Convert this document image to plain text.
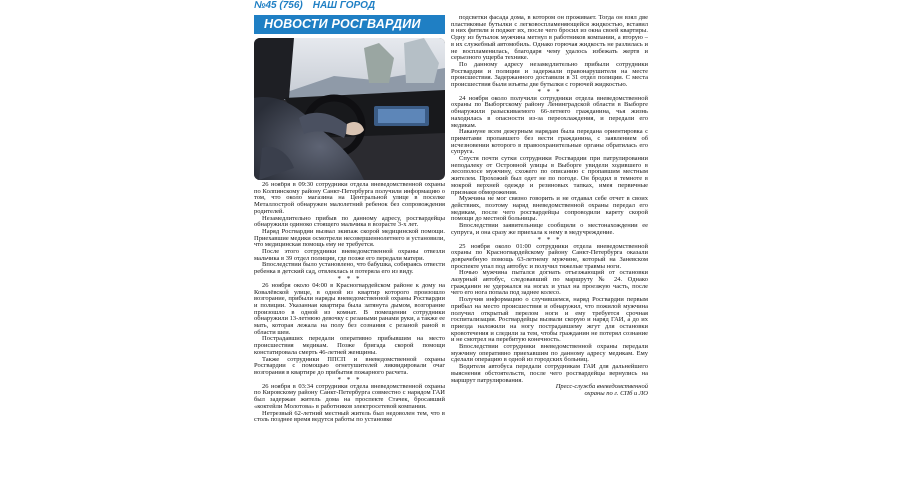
№45 (756) НАШ ГОРОД
НОВОСТИ РОСГВАРДИИ

26 ноября в 09:30 сотрудники отдела вневедомственной охраны по Колпинскому району Санкт-Петербурга получили информацию о том, что около магазина на Центральной улице в поселке Металлострой обнаружен малолетний ребенок без сопровождения родителей.

Незамедлительно прибыв по данному адресу, росгвардейцы обнаружили одиноко стоящего мальчика в возрасте 3-х лет.

Наряд Росгвардии вызвал экипаж скорой медицинской помощи. Приехавшие медики осмотрели несовершеннолетнего и установили, что медицинская помощь ему не требуется.

После этого сотрудники вневедомственной охраны отвезли мальчика в 39 отдел полиции, где позже его передали матери.

Впоследствии было установлено, что бабушка, собираясь отвести ребенка в детский сад, отвлеклась и потеряла его из виду.

* * *

26 ноября около 04:00 в Красногвардейском районе к дому на Ковалёвской улице, в одной из квартир которого произошло возгорание, прибыли наряды вневедомственной охраны Росгвардии и полиции. Указанная квартира была затянута дымом, возгорание произошло в одной из комнат. В помещении сотрудники обнаружили 13-летнюю девочку с резаными ранами руки, а также ее мать, которая лежала на полу без сознания с резаной раной в области шеи.

Пострадавших передали оперативно прибывшим на место происшествия медикам. Позже бригада скорой помощи констатировала смерть 46-летней женщины.

Также сотрудники ППСП и вневедомственной охраны Росгвардии с помощью огнетушителей ликвидировали очаг возгорания в квартире до прибытия пожарного расчета.

* * *

26 ноября в 03:34 сотрудники отдела вневедомственной охраны по Кировскому району Санкт-Петербурга совместно с нарядом ГАИ был задержан житель дома на проспекте Стачек, бросавший «коктейли Молотова» в работников электросетевой компании.

Нетрезвый 62-летний местный житель был недоволен тем, что в столь позднее время ведутся работы по установке

подсветки фасада дома, в котором он проживает. Тогда он взял две пластиковые бутылки с легковоспламеняющейся жидкостью, вставил в них фитили и поджег их, после чего бросил из окна своей квартиры. Одну из бутылок мужчина метнул в работников компании, а вторую – в их служебный автомобиль. Однако горючая жидкость не разлилась и не воспламенилась, благодаря чему удалось избежать жертв и серьезного ущерба технике.

По данному адресу незамедлительно прибыли сотрудники Росгвардии и полиции и задержали правонарушителя на месте происшествия. Задержанного доставили в 31 отдел полиции. С места происшествия были изъяты две бутылки с горючей жидкостью.

* * *

24 ноября около получили сотрудники отдела вневедомственной охраны по Выборгскому району Ленинградской области в Выборге обнаружили разыскиваемого 66-летнего гражданина, чья жизнь находилась в опасности из-за переохлаждения, и передали его медикам.

Накануне всем дежурным нарядам была передана ориентировка с приметами пропавшего без вести гражданина, с заявлением об исчезновении которого в правоохранительные органы обратилась его супруга.

Спустя почти сутки сотрудники Росгвардии при патрулировании неподалеку от Островной улицы в Выборге увидели ходившего в лесополосе мужчину, схожего по описанию с пропавшим местным жителем. Прохожий был одет не по погоде. Он бродил в темноте в мокрой верхней одежде и резиновых тапках, имея первичные признаки обморожения.

Мужчина не мог связно говорить и не отдавал себе отчет в своих действиях, поэтому наряд вневедомственной охраны передал его медикам, после чего росгвардейцы сопроводили карету скорой помощи до местной больницы.

Впоследствии заявительнице сообщили о местонахождении ее супруга, и она сразу же приехала к нему в медучреждение.

* * *

25 ноября около 01:00 сотрудники отдела вневедомственной охраны по Красногвардейскому району Санкт-Петербурга оказали доврачебную помощь 63-летнему мужчине, который на Заневском проспекте упал под автобус и получил тяжелые травмы ноги.

Ночью мужчина пытался догнать отъезжающий от остановки лазурный автобус, следовавший по маршруту № 24. Однако гражданин не удержался на ногах и упал на проезжую часть, после чего его нога попала под заднее колесо.

Получив информацию о случившемся, наряд Росгвардии первым прибыл на место происшествия и обнаружил, что пожилой мужчина получил открытый перелом ноги и ему требуется срочная госпитализация. Росгвардейцы вызвали скорую и наряд ГАИ, а до их приезда наложили на ногу пострадавшему жгут для остановки кровотечения и следили за тем, чтобы гражданин не потерял сознание и не смотрел на перебитую конечность.

Впоследствии сотрудники вневедомственной охраны передали мужчину оперативно приехавшим по данному адресу медикам. Ему сделали операцию в одной из городских больниц.

Водителя автобуса передали сотрудникам ГАИ для дальнейшего выяснения обстоятельств, после чего росгвардейцы вернулись на маршрут патрулирования.

Пресс-служба вневедомственной
охраны по г. СПб и ЛО
